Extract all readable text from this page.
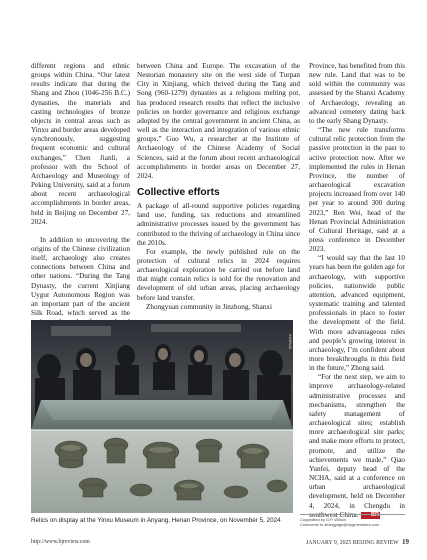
different regions and ethnic groups within China. “Our latest results indicate that during the Shang and Zhou (1046-256 B.C.) dynasties, the materials and casting technologies of bronze objects in central areas such as Yinxu and border areas developed synchronously, suggesting frequent economic and cultural exchanges,” Chen Jianli, a professor with the School of Archaeology and Museology of Peking University, said at a forum about recent archaeological accomplishments in border areas, held in Beijing on December 27, 2024.

In addition to uncovering the origins of the Chinese civilization itself, archaeology also creates connections between China and other nations. “During the Tang Dynasty, the current Xinjiang Uygur Autonomous Region was an important part of the ancient Silk Road, which served as the

between China and Europe. The excavation of the Nestorian monastery site on the west side of Turpan City in Xinjiang, which thrived during the Tang and Song (960-1279) dynasties as a religious melting pot, has produced research results that reflect the inclusive policies on border governance and religious exchange adopted by the central government in ancient China, as well as the interaction and integration of various ethnic groups,” Guo Wu, a researcher at the Institute of Archaeology of the Chinese Academy of Social Sciences, said at the forum about recent archaeological accomplishments in border areas on December 27, 2024.

Collective efforts

A package of all-round supportive policies regarding land use, funding, tax reductions and streamlined administrative processes issued by the government has contributed to the thriving of archaeology in China since the 2010s.

For example, the newly published rule on the protection of cultural relics in 2024 requires archaeological exploration be carried out before land that might contain relics is sold for the renovation and development of old urban areas, placing archaeology before land transfer.

Zhongyuan community in Jinzhong, Shanxi

Province, has benefited from this new rule. Land that was to be sold within the community was assessed by the Shanxi Academy of Archaeology, revealing an advanced cemetery dating back to the early Shang Dynasty.

“The new rule transforms cultural relic protection from the passive protection in the past to active protection now. After we implemented the rules in Henan Province, the number of archaeological excavation projects increased from over 140 per year to around 300 during 2023,” Ren Wei, head of the Henan Provincial Administration of Cultural Heritage, said at a press conference in December 2023.

“I would say that the last 10 years has been the golden age for archaeology, with supportive policies, nationwide public attention, advanced equipment, systematic training and talented professionals in place to foster the development of the field. With more advantageous rules and people’s growing interest in archaeology, I’m confident about more breakthroughs in this field in the future,” Zhong said.

“For the next step, we aim to improve archaeology-related administrative processes and mechanisms, strengthen the safety management of archaeological sites; establish more archaeological site parks; and make more efforts to protect, promote, and utilize the achievements we made,” Qiao Yunfei, deputy head of the NCHA, said at a conference on urban archaeological development, held on December 4, 2024, in Chengdu in southwest China. BR

XINHUA
Relics on display at the Yinxu Museum in Anyang, Henan Province, on November 5, 2024	Copyedited by G.P. Wilson
Comments to zhangyage@cipgmembers.com
http://www.bjreview.com	JANUARY 9, 2025 BEIJING REVIEW 19
